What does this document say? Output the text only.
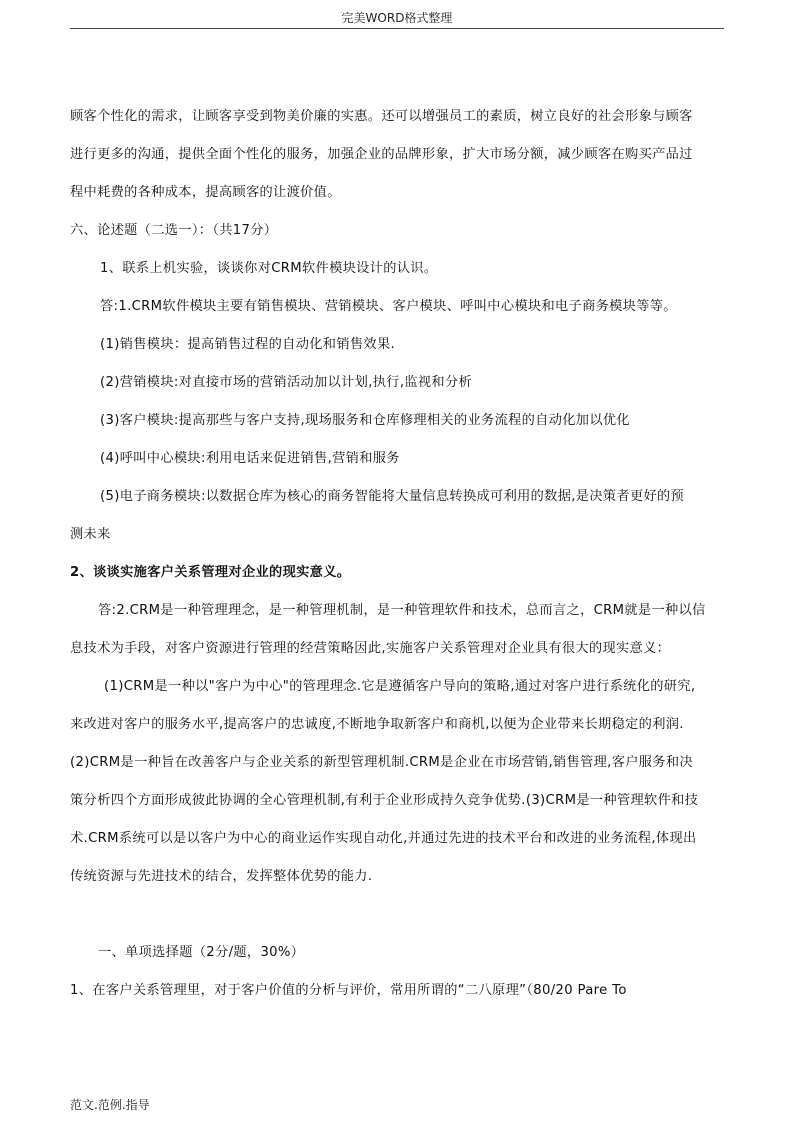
完美WORD格式整理
顾客个性化的需求，让顾客享受到物美价廉的实惠。还可以增强员工的素质，树立良好的社会形象与顾客
进行更多的沟通，提供全面个性化的服务，加强企业的品牌形象，扩大市场分额，减少顾客在购买产品过
程中耗费的各种成本，提高顾客的让渡价值。
六、论述题（二选一）：（共17分）
1、联系上机实验，谈谈你对CRM软件模块设计的认识。
答:1.CRM软件模块主要有销售模块、营销模块、客户模块、呼叫中心模块和电子商务模块等等。
(1)销售模块：提高销售过程的自动化和销售效果.
(2)营销模块:对直接市场的营销活动加以计划,执行,监视和分析
(3)客户模块:提高那些与客户支持,现场服务和仓库修理相关的业务流程的自动化加以优化
(4)呼叫中心模块:利用电话来促进销售,营销和服务
(5)电子商务模块:以数据仓库为核心的商务智能将大量信息转换成可利用的数据,是决策者更好的预
测未来
2、谈谈实施客户关系管理对企业的现实意义。
答:2.CRM是一种管理理念，是一种管理机制，是一种管理软件和技术，总而言之，CRM就是一种以信
息技术为手段，对客户资源进行管理的经营策略因此,实施客户关系管理对企业具有很大的现实意义：
(1)CRM是一种以"客户为中心"的管理理念.它是遵循客户导向的策略,通过对客户进行系统化的研究,
来改进对客户的服务水平,提高客户的忠诚度,不断地争取新客户和商机,以便为企业带来长期稳定的利润.
(2)CRM是一种旨在改善客户与企业关系的新型管理机制.CRM是企业在市场营销,销售管理,客户服务和决
策分析四个方面形成彼此协调的全心管理机制,有利于企业形成持久竞争优势.(3)CRM是一种管理软件和技
术.CRM系统可以是以客户为中心的商业运作实现自动化,并通过先进的技术平台和改进的业务流程,体现出
传统资源与先进技术的结合，发挥整体优势的能力.
一、单项选择题（2分/题，30%）
1、在客户关系管理里，对于客户价值的分析与评价，常用所谓的“二八原理”（80/20 Pare To
范文.范例.指导
